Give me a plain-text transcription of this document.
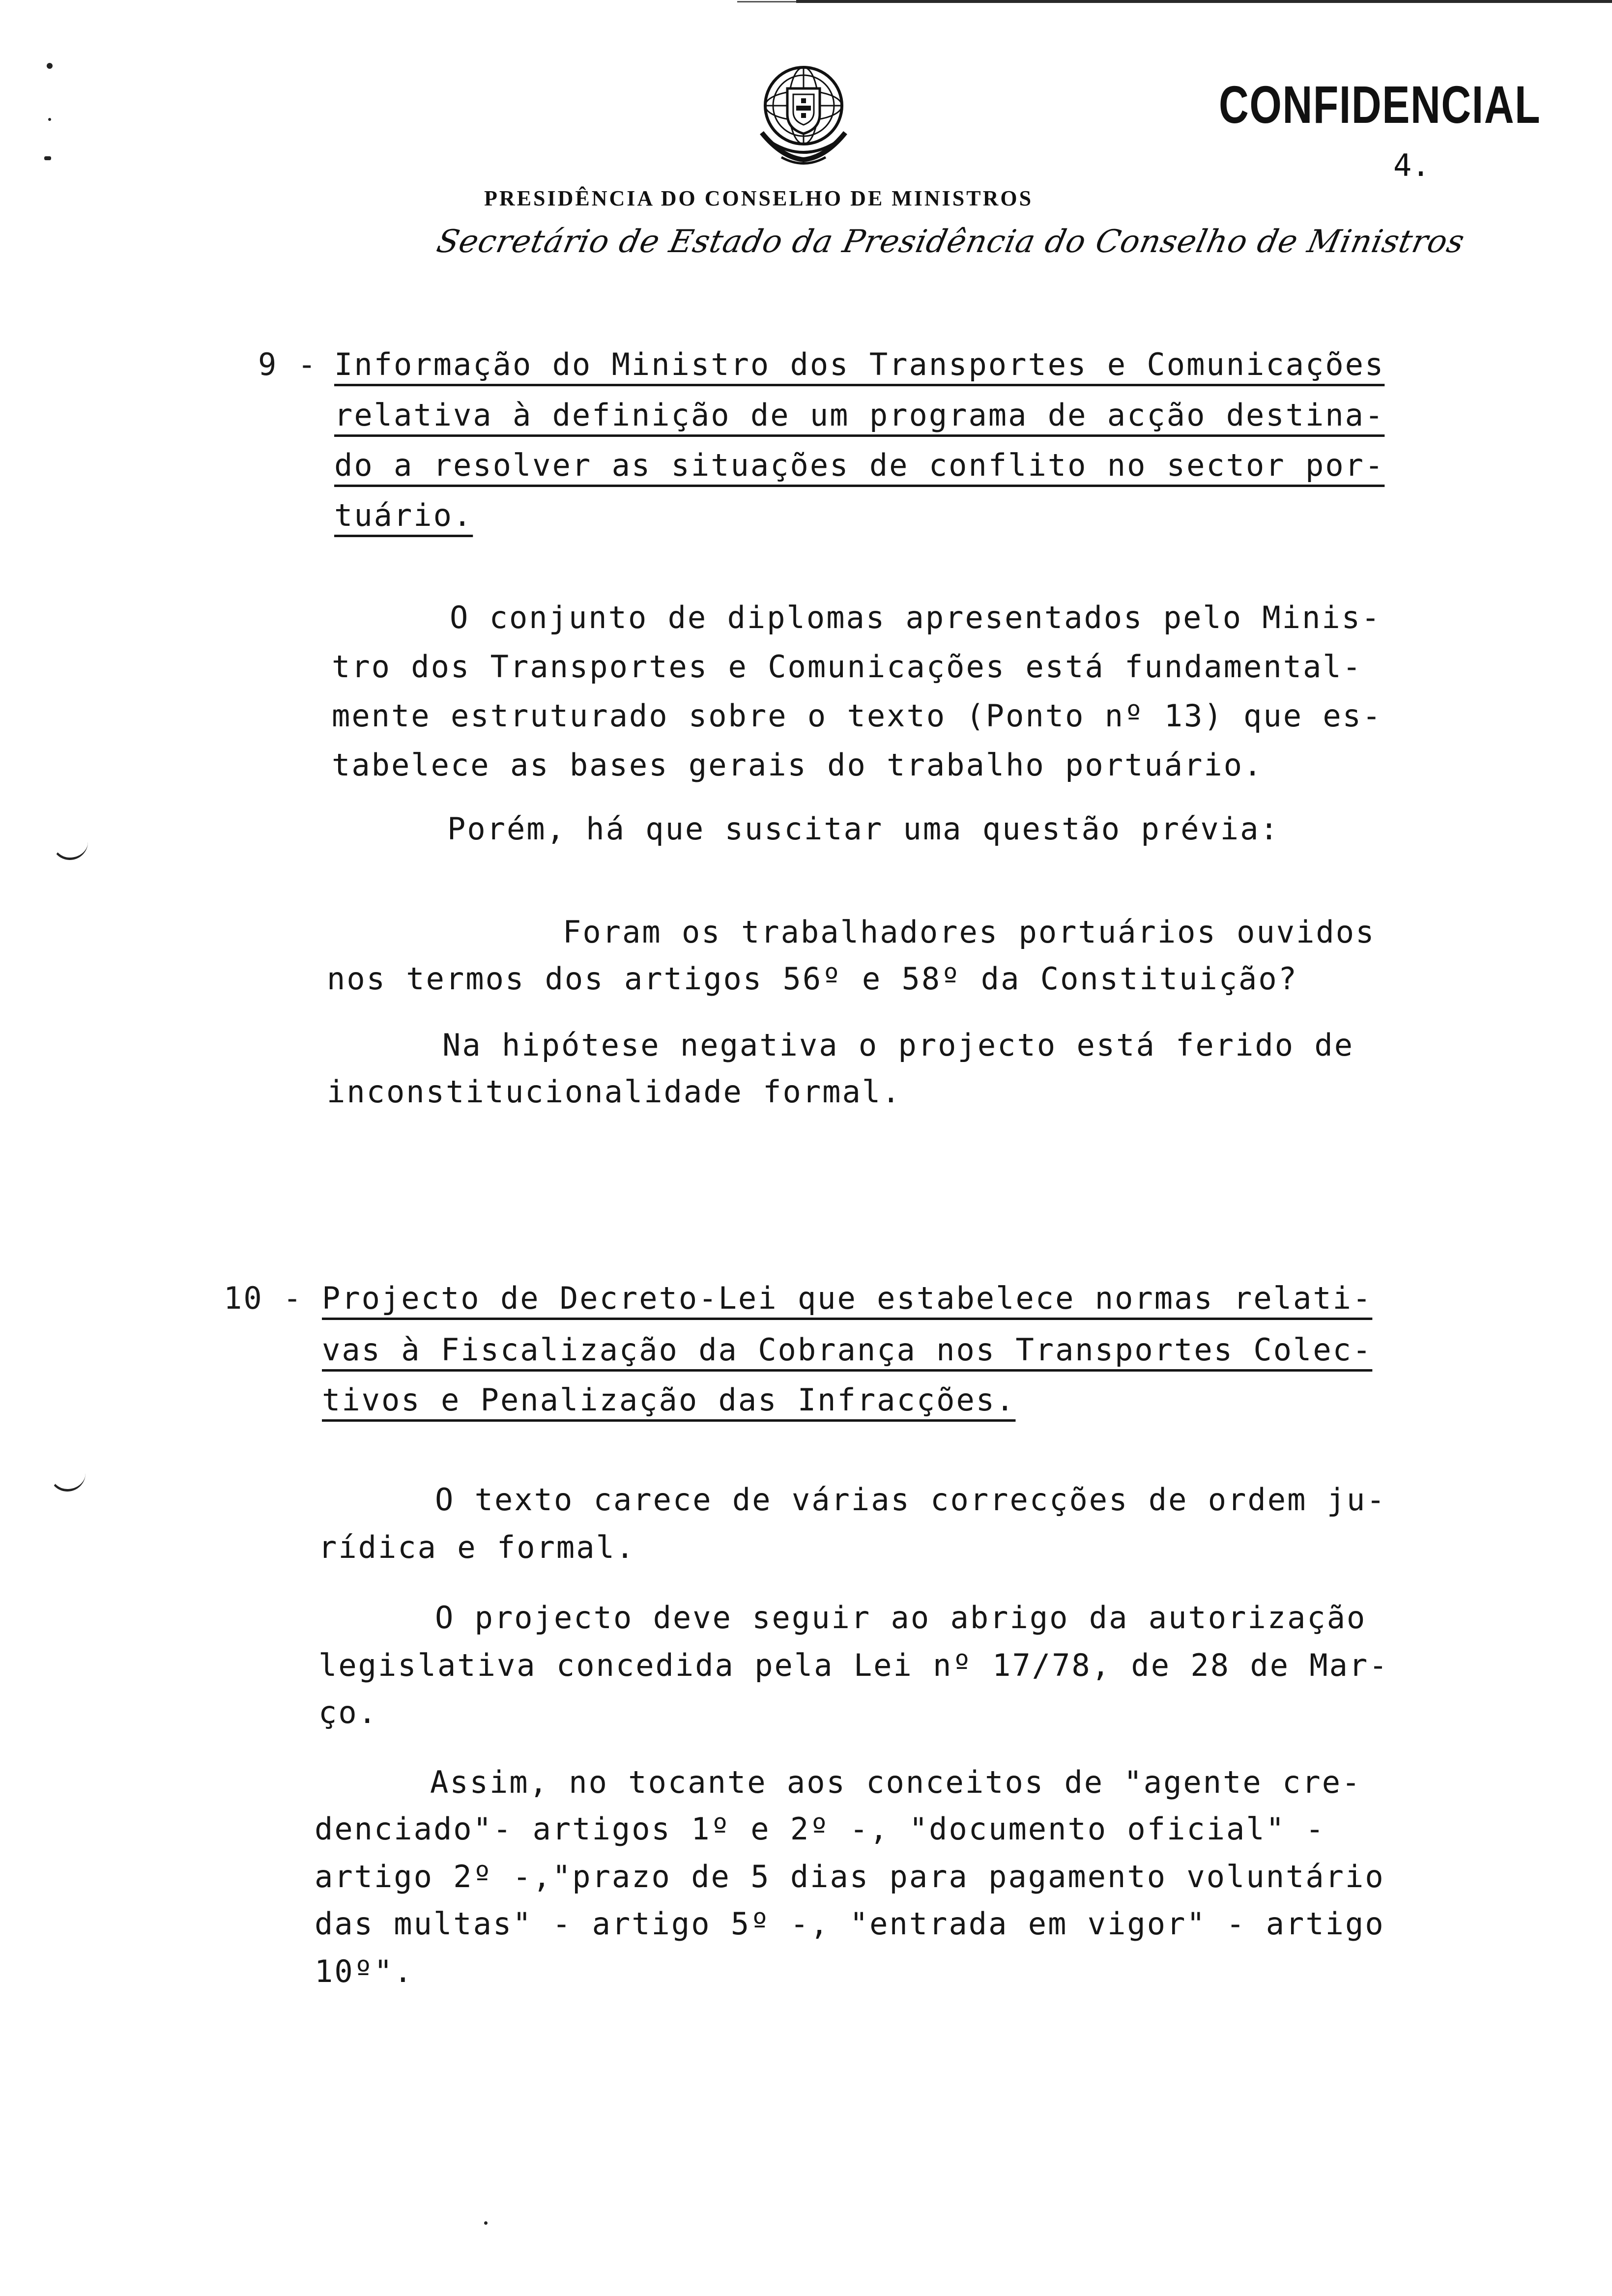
CONFIDENCIAL
4.
PRESIDÊNCIA DO CONSELHO DE MINISTROS
Secretário de Estado da Presidência do Conselho de Ministros
9 - Informação do Ministro dos Transportes e Comunicações
relativa à definição de um programa de acção destina-
do a resolver as situações de conflito no sector por-
tuário.
O conjunto de diplomas apresentados pelo Minis-
tro dos Transportes e Comunicações está fundamental-
mente estruturado sobre o texto (Ponto nº 13) que es-
tabelece as bases gerais do trabalho portuário.
Porém, há que suscitar uma questão prévia:
Foram os trabalhadores portuários ouvidos
nos termos dos artigos 56º e 58º da Constituição?
Na hipótese negativa o projecto está ferido de
inconstitucionalidade formal.
10 - Projecto de Decreto-Lei que estabelece normas relati-
vas à Fiscalização da Cobrança nos Transportes Colec-
tivos e Penalização das Infracções.
O texto carece de várias correcções de ordem ju-
rídica e formal.
O projecto deve seguir ao abrigo da autorização
legislativa concedida pela Lei nº 17/78, de 28 de Mar-
ço.
Assim, no tocante aos conceitos de "agente cre-
denciado"- artigos 1º e 2º -, "documento oficial" -
artigo 2º -,"prazo de 5 dias para pagamento voluntário
das multas" - artigo 5º -, "entrada em vigor" - artigo
10º".
